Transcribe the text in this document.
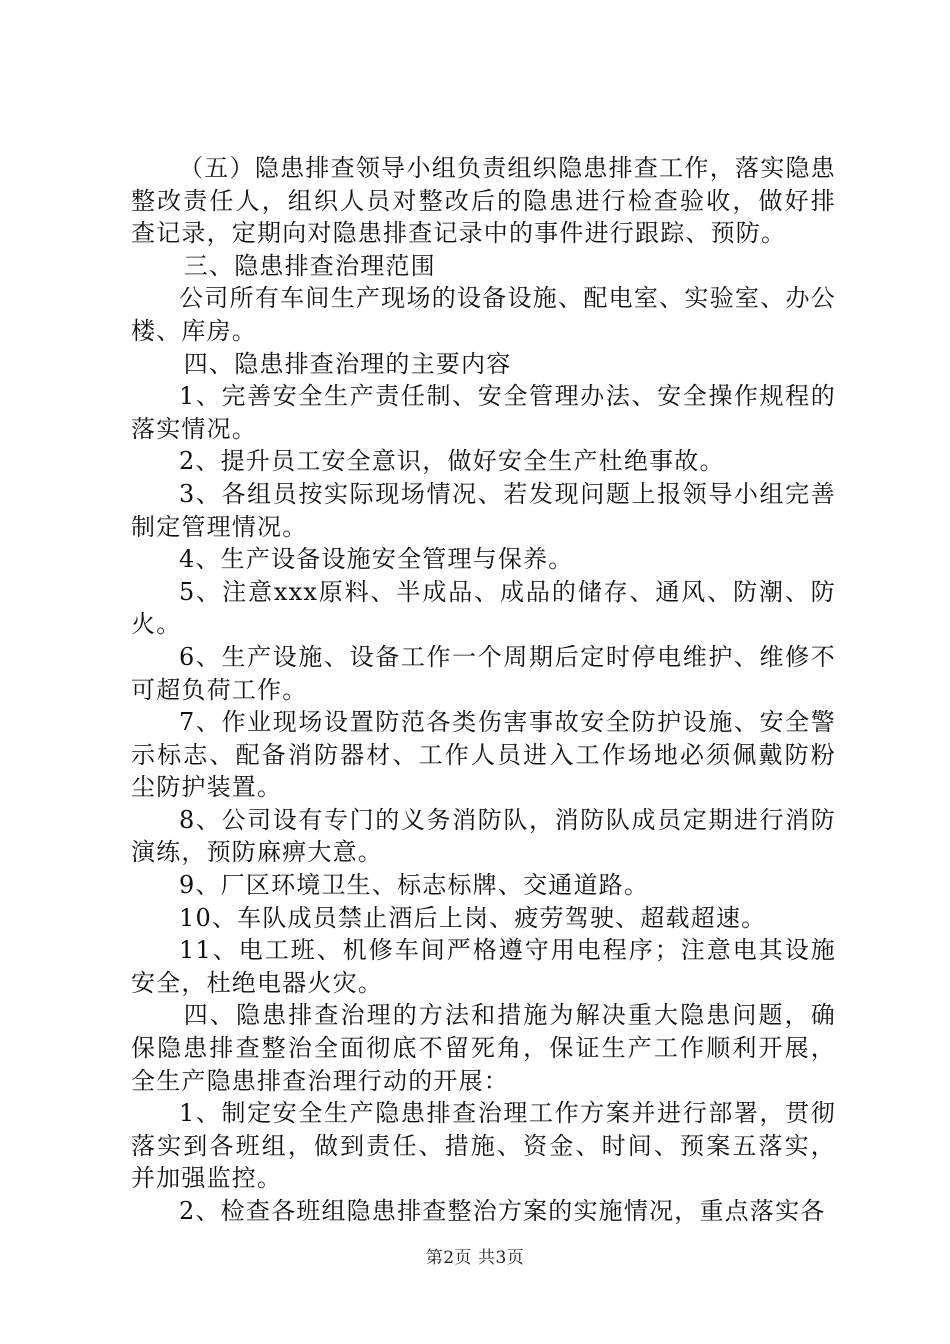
（五）隐患排查领导小组负责组织隐患排查工作，落实隐患整改责任人，组织人员对整改后的隐患进行检查验收，做好排查记录，定期向对隐患排查记录中的事件进行跟踪、预防。

三、隐患排查治理范围

公司所有车间生产现场的设备设施、配电室、实验室、办公楼、库房。

四、隐患排查治理的主要内容

1、完善安全生产责任制、安全管理办法、安全操作规程的落实情况。

2、提升员工安全意识，做好安全生产杜绝事故。

3、各组员按实际现场情况、若发现问题上报领导小组完善制定管理情况。

4、生产设备设施安全管理与保养。

5、注意xxx原料、半成品、成品的储存、通风、防潮、防火。

6、生产设施、设备工作一个周期后定时停电维护、维修不可超负荷工作。

7、作业现场设置防范各类伤害事故安全防护设施、安全警示标志、配备消防器材、工作人员进入工作场地必须佩戴防粉尘防护装置。

8、公司设有专门的义务消防队，消防队成员定期进行消防演练，预防麻痹大意。

9、厂区环境卫生、标志标牌、交通道路。

10、车队成员禁止酒后上岗、疲劳驾驶、超载超速。

11、电工班、机修车间严格遵守用电程序；注意电其设施安全，杜绝电器火灾。

四、隐患排查治理的方法和措施为解决重大隐患问题，确保隐患排查整治全面彻底不留死角，保证生产工作顺利开展，全生产隐患排查治理行动的开展：

1、制定安全生产隐患排查治理工作方案并进行部署，贯彻落实到各班组，做到责任、措施、资金、时间、预案五落实，并加强监控。

2、检查各班组隐患排查整治方案的实施情况，重点落实各

第2页 共3页
